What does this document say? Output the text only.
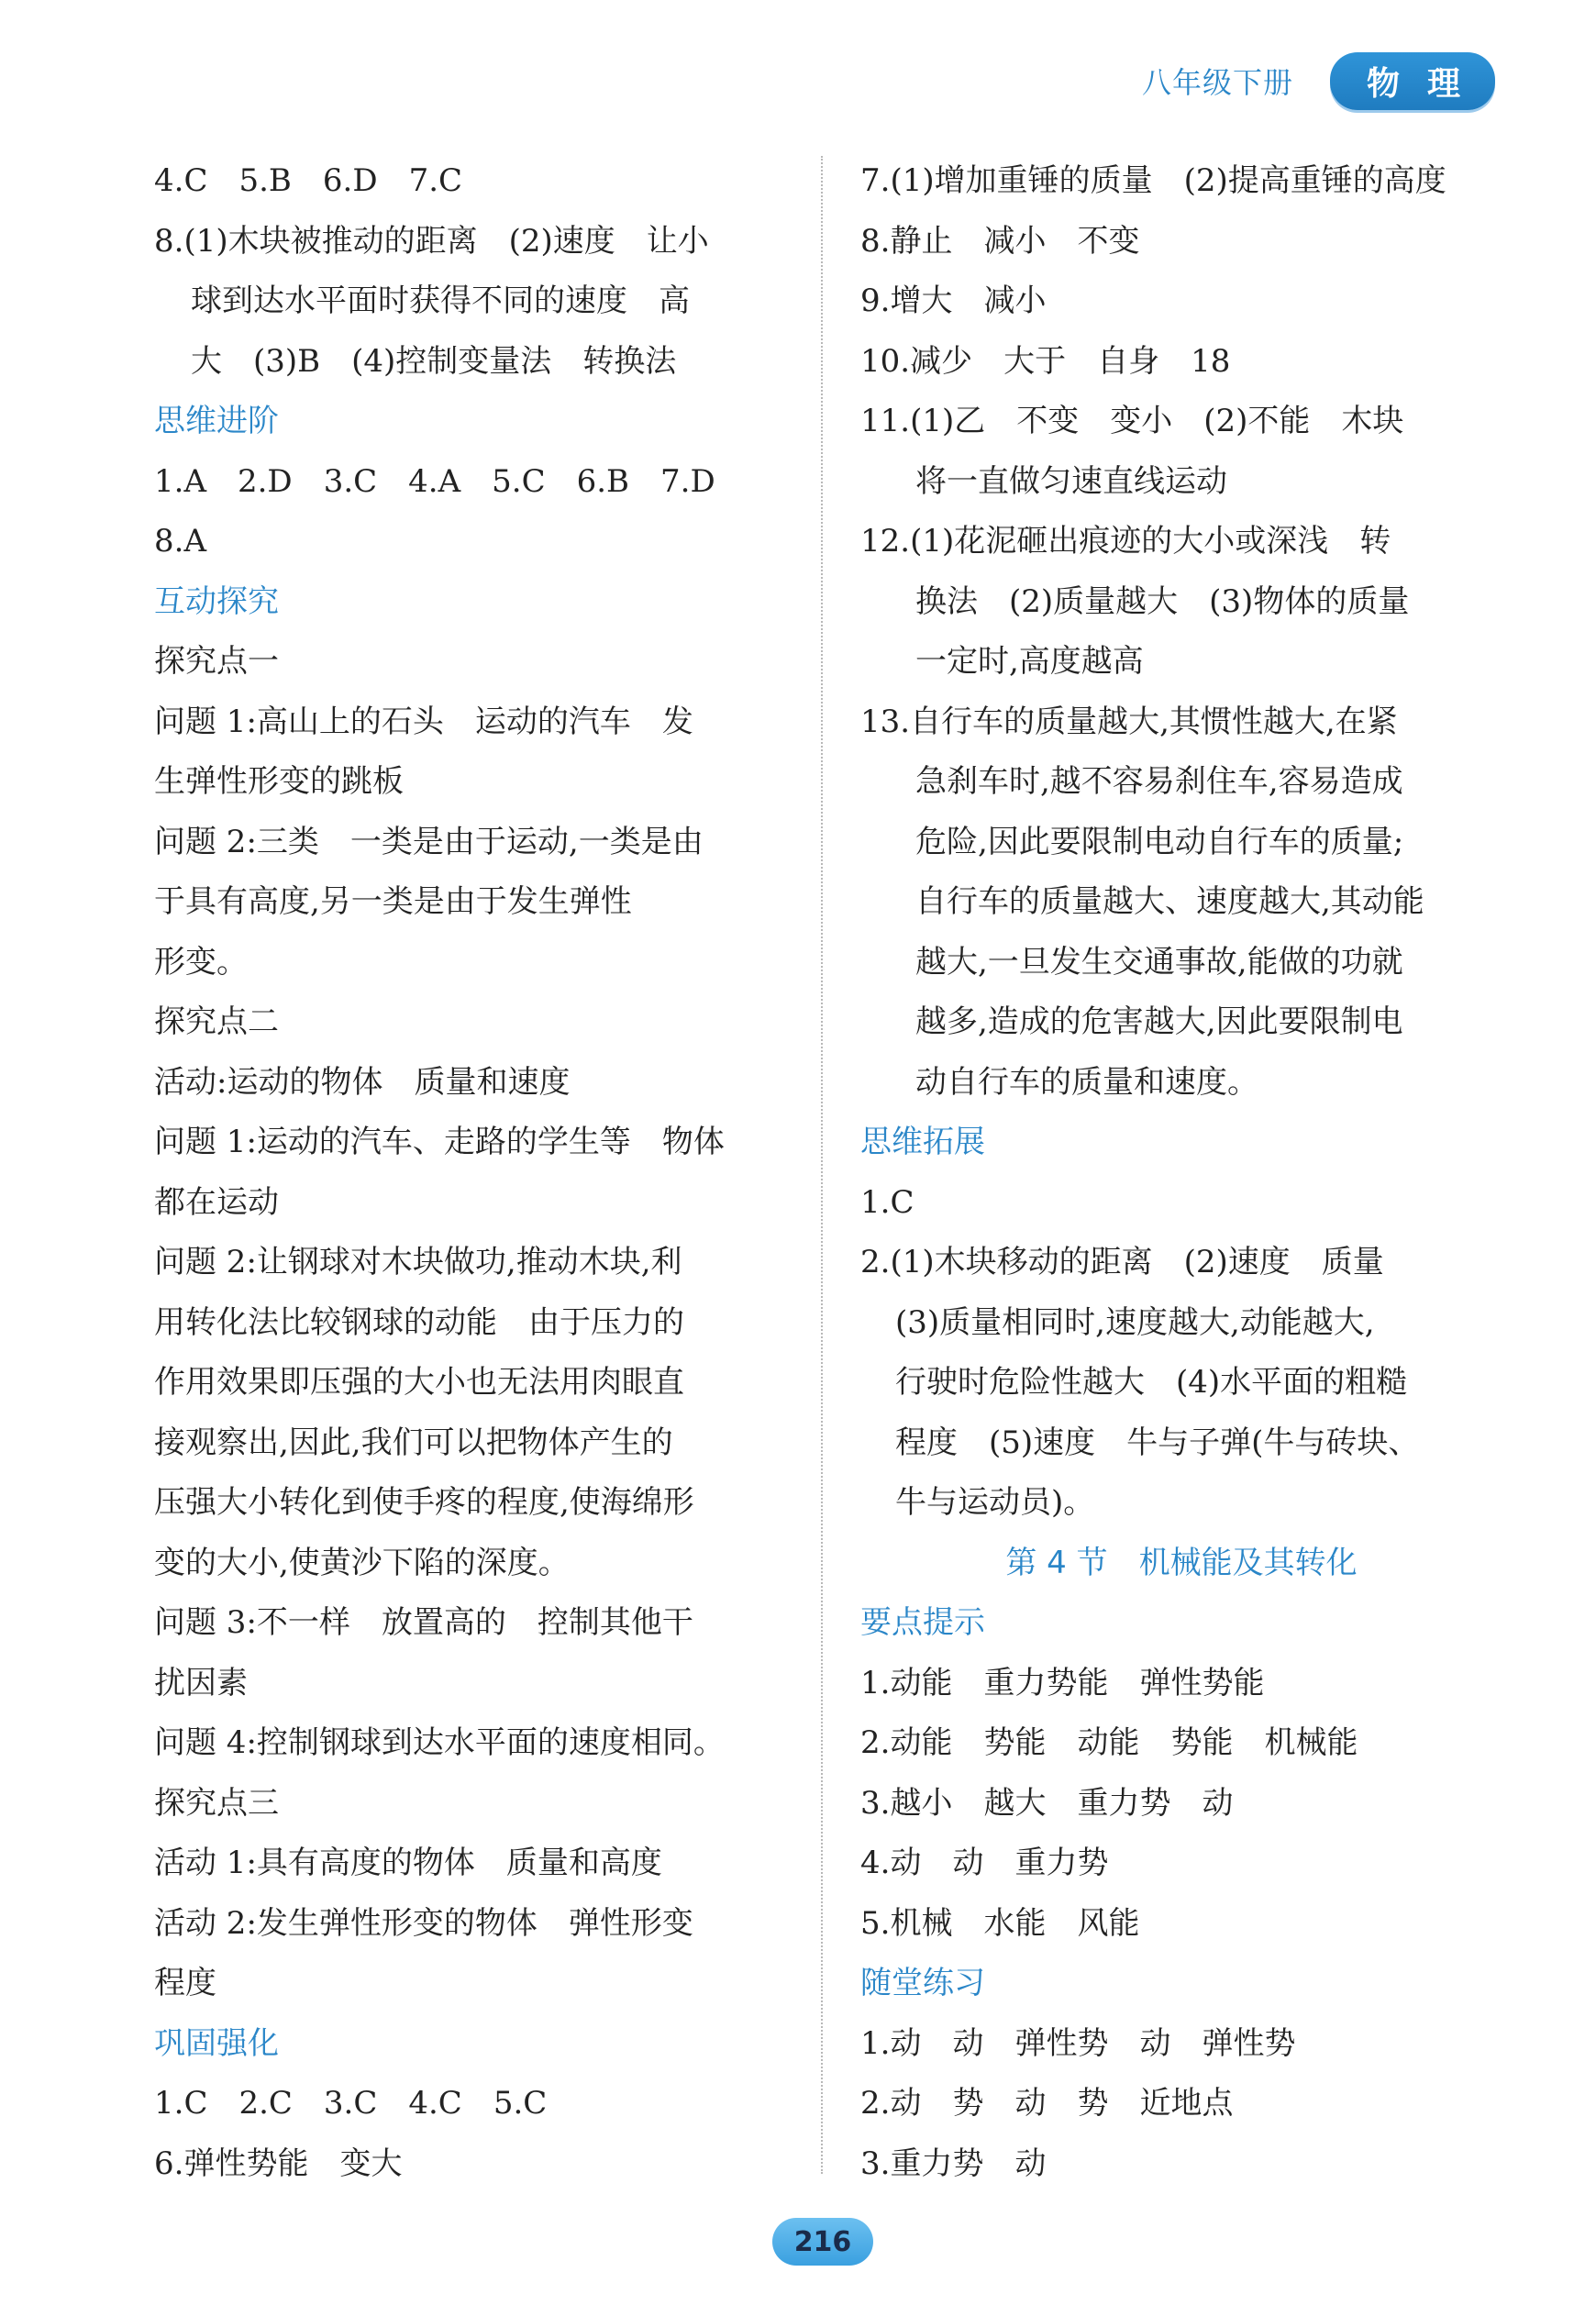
八年级下册	物理
4.C　5.B　6.D　7.C
8.(1)木块被推动的距离　(2)速度　让小
球到达水平面时获得不同的速度　高
大　(3)B　(4)控制变量法　转换法
思维进阶
1.A　2.D　3.C　4.A　5.C　6.B　7.D
8.A
互动探究
探究点一
问题 1:高山上的石头　运动的汽车　发
生弹性形变的跳板
问题 2:三类　一类是由于运动,一类是由
于具有高度,另一类是由于发生弹性
形变。
探究点二
活动:运动的物体　质量和速度
问题 1:运动的汽车、走路的学生等　物体
都在运动
问题 2:让钢球对木块做功,推动木块,利
用转化法比较钢球的动能　由于压力的
作用效果即压强的大小也无法用肉眼直
接观察出,因此,我们可以把物体产生的
压强大小转化到使手疼的程度,使海绵形
变的大小,使黄沙下陷的深度。
问题 3:不一样　放置高的　控制其他干
扰因素
问题 4:控制钢球到达水平面的速度相同。
探究点三
活动 1:具有高度的物体　质量和高度
活动 2:发生弹性形变的物体　弹性形变
程度
巩固强化
1.C　2.C　3.C　4.C　5.C
6.弹性势能　变大
7.(1)增加重锤的质量　(2)提高重锤的高度
8.静止　减小　不变
9.增大　减小
10.减少　大于　自身　18
11.(1)乙　不变　变小　(2)不能　木块
将一直做匀速直线运动
12.(1)花泥砸出痕迹的大小或深浅　转
换法　(2)质量越大　(3)物体的质量
一定时,高度越高
13.自行车的质量越大,其惯性越大,在紧
急刹车时,越不容易刹住车,容易造成
危险,因此要限制电动自行车的质量;
自行车的质量越大、速度越大,其动能
越大,一旦发生交通事故,能做的功就
越多,造成的危害越大,因此要限制电
动自行车的质量和速度。
思维拓展
1.C
2.(1)木块移动的距离　(2)速度　质量
(3)质量相同时,速度越大,动能越大,
行驶时危险性越大　(4)水平面的粗糙
程度　(5)速度　牛与子弹(牛与砖块、
牛与运动员)。
第 4 节　机械能及其转化
要点提示
1.动能　重力势能　弹性势能
2.动能　势能　动能　势能　机械能
3.越小　越大　重力势　动
4.动　动　重力势
5.机械　水能　风能
随堂练习
1.动　动　弹性势　动　弹性势
2.动　势　动　势　近地点
3.重力势　动
216
